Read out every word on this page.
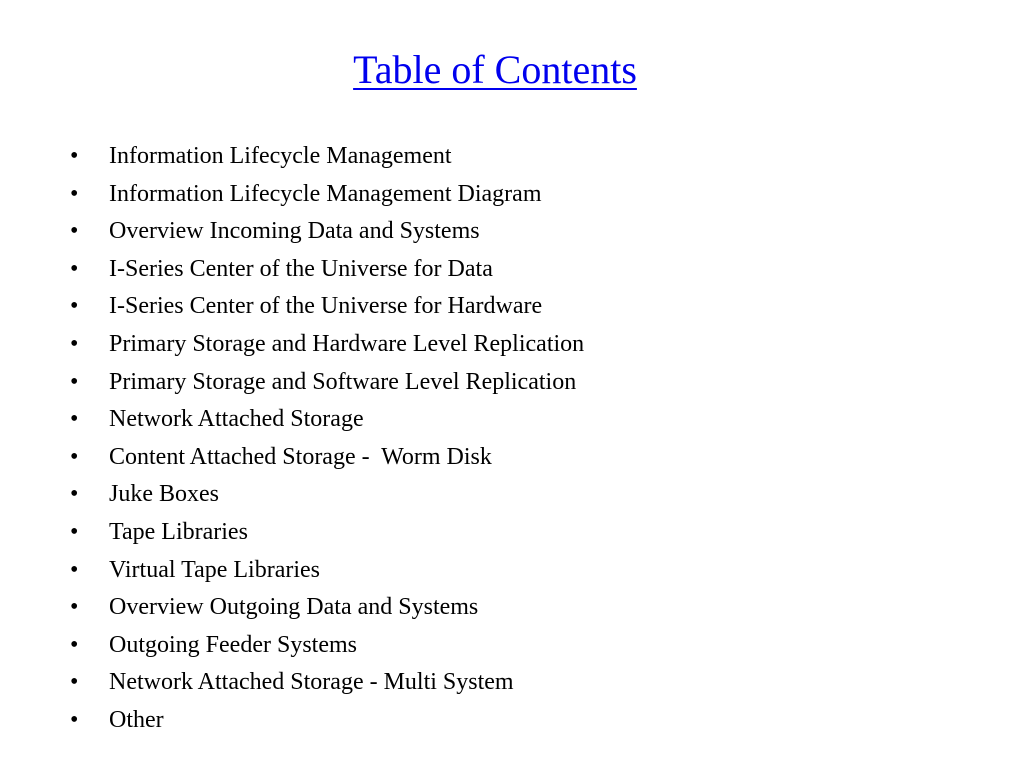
Table of Contents
•	Information Lifecycle Management
•	Information Lifecycle Management Diagram
•	Overview Incoming Data and Systems
•	I-Series Center of the Universe for Data
•	I-Series Center of the Universe for Hardware
•	Primary Storage and Hardware Level Replication
•	Primary Storage and Software Level Replication
•	Network Attached Storage
•	Content Attached Storage -  Worm Disk
•	Juke Boxes
•	Tape Libraries
•	Virtual Tape Libraries
•	Overview Outgoing Data and Systems
•	Outgoing Feeder Systems
•	Network Attached Storage - Multi System
•	Other
